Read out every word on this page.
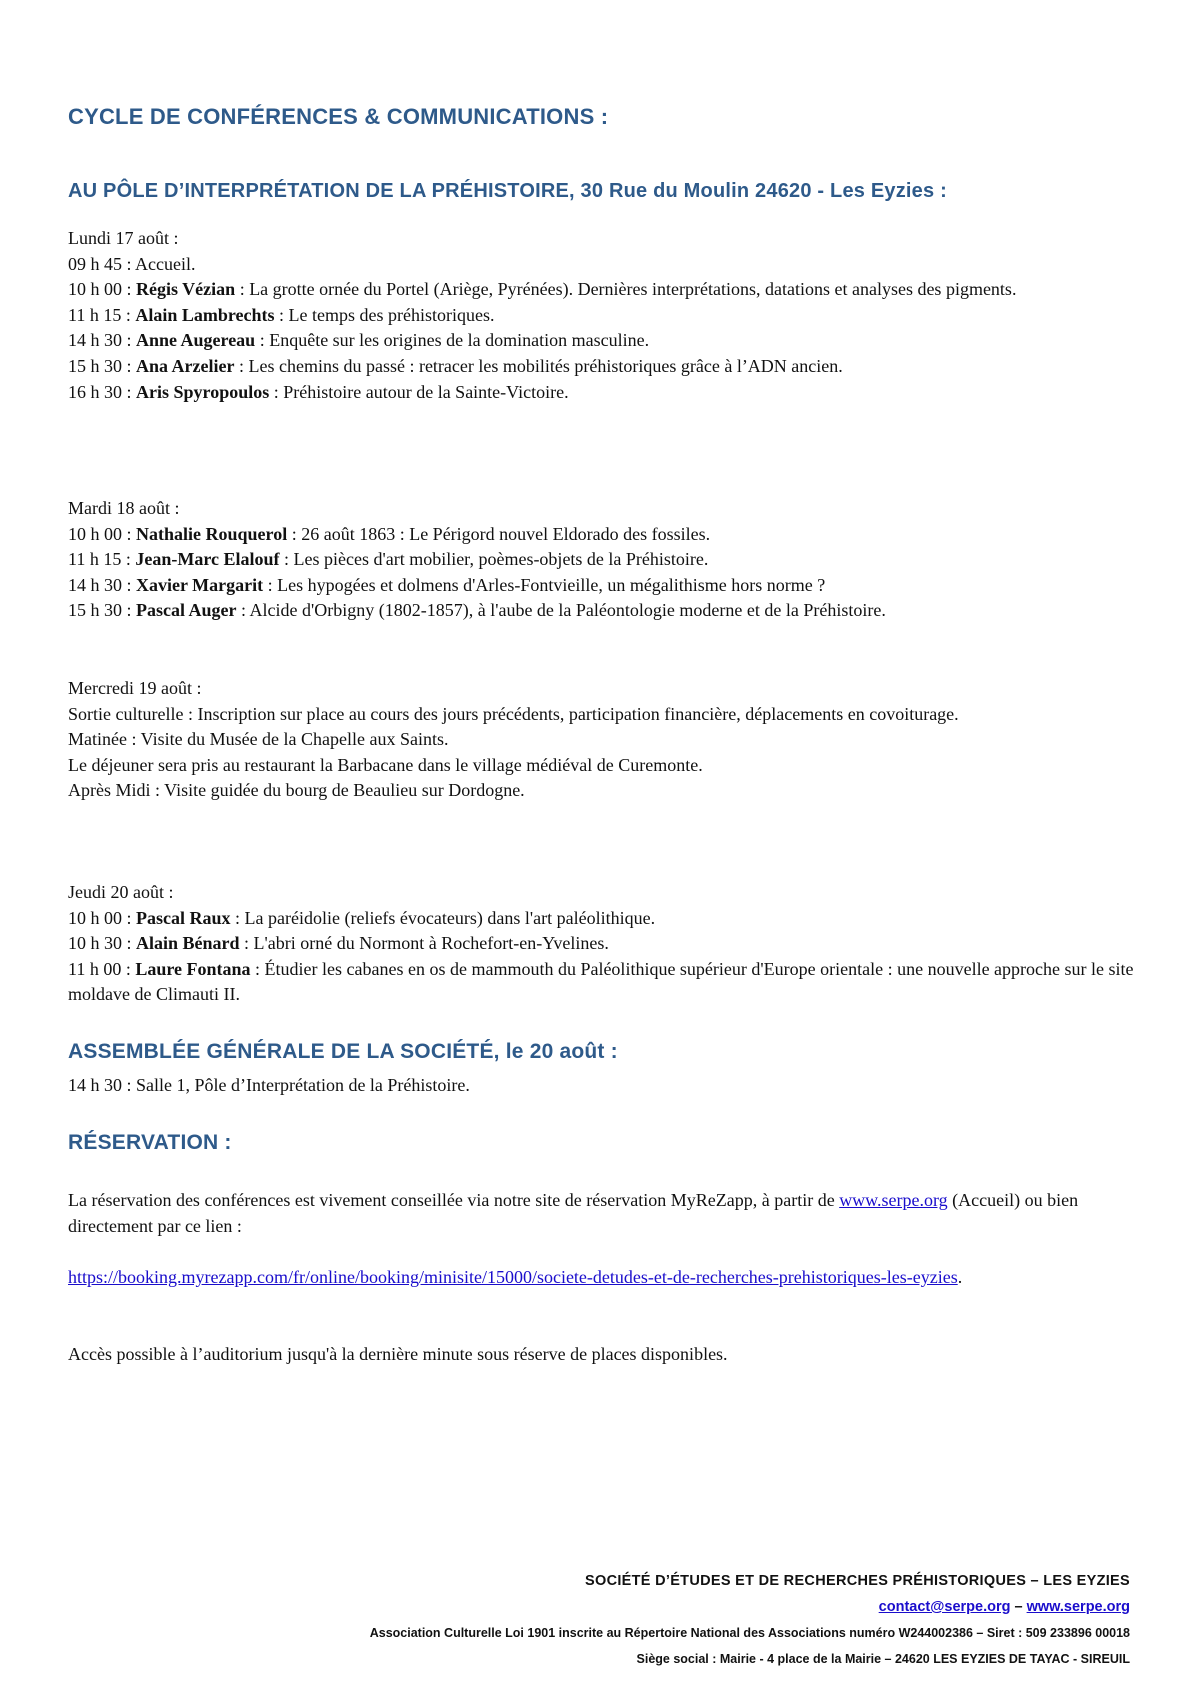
CYCLE DE CONFÉRENCES & COMMUNICATIONS :
AU PÔLE D’INTERPRÉTATION DE LA PRÉHISTOIRE, 30 Rue du Moulin 24620 - Les Eyzies :
Lundi 17 août :
09 h 45 : Accueil.
10 h 00 : Régis Vézian : La grotte ornée du Portel (Ariège, Pyrénées). Dernières interprétations, datations et analyses des pigments.
11 h 15 : Alain Lambrechts : Le temps des préhistoriques.
14 h 30 : Anne Augereau : Enquête sur les origines de la domination masculine.
15 h 30 : Ana Arzelier : Les chemins du passé : retracer les mobilités préhistoriques grâce à l’ADN ancien.
16 h 30 : Aris Spyropoulos : Préhistoire autour de la Sainte-Victoire.
Mardi 18 août :
10 h 00 : Nathalie Rouquerol : 26 août 1863 : Le Périgord nouvel Eldorado des fossiles.
11 h 15 : Jean-Marc Elalouf : Les pièces d'art mobilier, poèmes-objets de la Préhistoire.
14 h 30 : Xavier Margarit : Les hypogées et dolmens d'Arles-Fontvieille, un mégalithisme hors norme ?
15 h 30 : Pascal Auger : Alcide d'Orbigny (1802-1857), à l'aube de la Paléontologie moderne et de la Préhistoire.
Mercredi 19 août :
Sortie culturelle : Inscription sur place au cours des jours précédents, participation financière, déplacements en covoiturage.
Matinée : Visite du Musée de la Chapelle aux Saints.
Le déjeuner sera pris au restaurant la Barbacane dans le village médiéval de Curemonte.
Après Midi : Visite guidée du bourg de Beaulieu sur Dordogne.
Jeudi 20 août :
10 h 00 : Pascal Raux : La paréidolie (reliefs évocateurs) dans l'art paléolithique.
10 h 30 : Alain Bénard : L'abri orné du Normont à Rochefort-en-Yvelines.
11 h 00 : Laure Fontana : Étudier les cabanes en os de mammouth du Paléolithique supérieur d'Europe orientale : une nouvelle approche sur le site moldave de Climauti II.
ASSEMBLÉE GÉNÉRALE DE LA SOCIÉTÉ, le 20 août :
14 h 30 : Salle 1, Pôle d’Interprétation de la Préhistoire.
RÉSERVATION :
La réservation des conférences est vivement conseillée via notre site de réservation MyReZapp, à partir de www.serpe.org (Accueil) ou bien directement par ce lien :
https://booking.myrezapp.com/fr/online/booking/minisite/15000/societe-detudes-et-de-recherches-prehistoriques-les-eyzies.
Accès possible à l’auditorium jusqu'à la dernière minute sous réserve de places disponibles.
SOCIÉTÉ D’ÉTUDES ET DE RECHERCHES PRÉHISTORIQUES – LES EYZIES
contact@serpe.org – www.serpe.org
Association Culturelle Loi 1901 inscrite au Répertoire National des Associations numéro W244002386 – Siret : 509 233896 00018
Siège social : Mairie - 4 place de la Mairie – 24620 LES EYZIES DE TAYAC - SIREUIL
